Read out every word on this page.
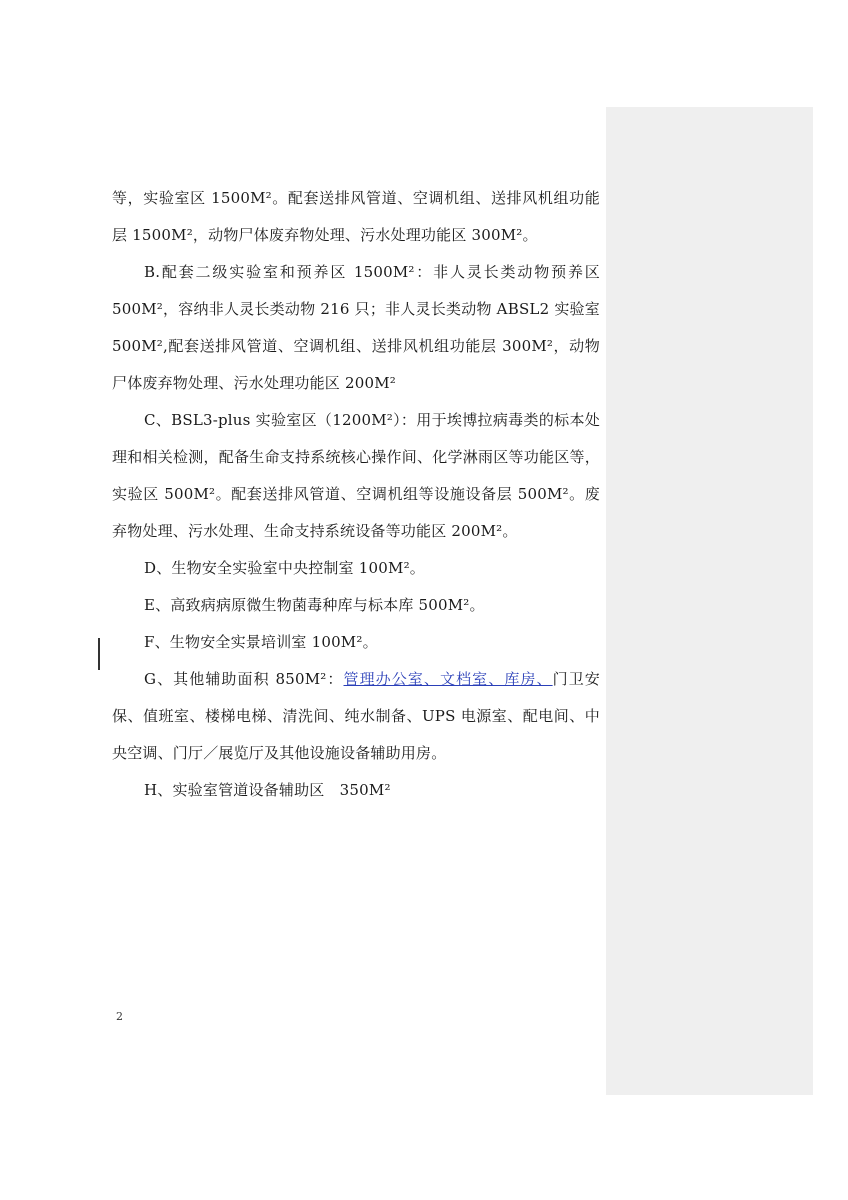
等，实验室区 1500M²。配套送排风管道、空调机组、送排风机组功能层 1500M²，动物尸体废弃物处理、污水处理功能区 300M²。

B.配套二级实验室和预养区 1500M²：非人灵长类动物预养区 500M²，容纳非人灵长类动物 216 只；非人灵长类动物 ABSL2 实验室 500M²,配套送排风管道、空调机组、送排风机组功能层 300M²，动物尸体废弃物处理、污水处理功能区 200M²

C、BSL3-plus 实验室区（1200M²）：用于埃博拉病毒类的标本处理和相关检测，配备生命支持系统核心操作间、化学淋雨区等功能区等，实验区 500M²。配套送排风管道、空调机组等设施设备层 500M²。废弃物处理、污水处理、生命支持系统设备等功能区 200M²。

D、生物安全实验室中央控制室 100M²。

E、高致病病原微生物菌毒种库与标本库 500M²。

F、生物安全实景培训室 100M²。

G、其他辅助面积 850M²：管理办公室、文档室、库房、门卫安保、值班室、楼梯电梯、清洗间、纯水制备、UPS 电源室、配电间、中央空调、门厅／展览厅及其他设施设备辅助用房。

H、实验室管道设备辅助区　350M²

2
